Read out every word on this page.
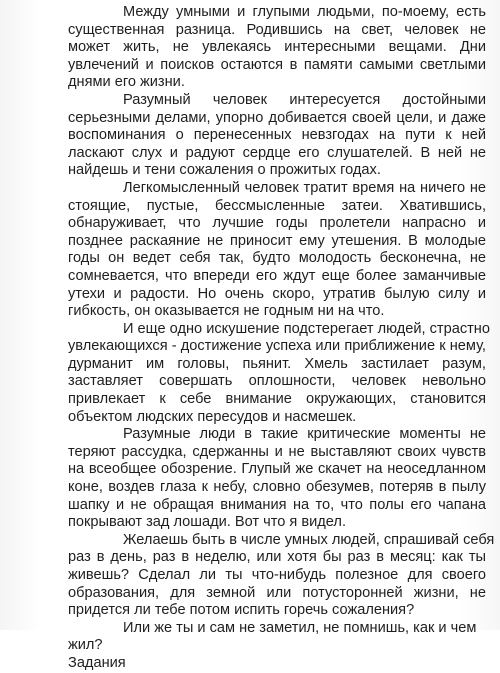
Между умными и глупыми людьми, по-моему, есть
существенная разница. Родившись на свет, человек не
может жить, не увлекаясь интересными вещами. Дни
увлечений и поисков остаются в памяти самыми светлыми
днями его жизни.
Разумный человек интересуется достойными
серьезными делами, упорно добивается своей цели, и даже
воспоминания о перенесенных невзгодах на пути к ней
ласкают слух и радуют сердце его слушателей. В ней не
найдешь и тени сожаления о прожитых годах.
Легкомысленный человек тратит время на ничего не
стоящие, пустые, бессмысленные затеи. Хватившись,
обнаруживает, что лучшие годы пролетели напрасно и
позднее раскаяние не приносит ему утешения. В молодые
годы он ведет себя так, будто молодость бесконечна, не
сомневается, что впереди его ждут еще более заманчивые
утехи и радости. Но очень скоро, утратив былую силу и
гибкость, он оказывается не годным ни на что.
И еще одно искушение подстерегает людей, страстно
увлекающихся - достижение успеха или приближение к нему,
дурманит им головы, пьянит. Хмель застилает разум,
заставляет совершать оплошности, человек невольно
привлекает к себе внимание окружающих, становится
объектом людских пересудов и насмешек.
Разумные люди в такие критические моменты не
теряют рассудка, сдержанны и не выставляют своих чувств
на всеобщее обозрение. Глупый же скачет на неоседланном
коне, воздев глаза к небу, словно обезумев, потеряв в пылу
шапку и не обращая внимания на то, что полы его чапана
покрывают зад лошади. Вот что я видел.
Желаешь быть в числе умных людей, спрашивай себя
раз в день, раз в неделю, или хотя бы раз в месяц: как ты
живешь? Сделал ли ты что-нибудь полезное для своего
образования, для земной или потусторонней жизни, не
придется ли тебе потом испить горечь сожаления?
Или же ты и сам не заметил, не помнишь, как и чем
жил?
Задания
